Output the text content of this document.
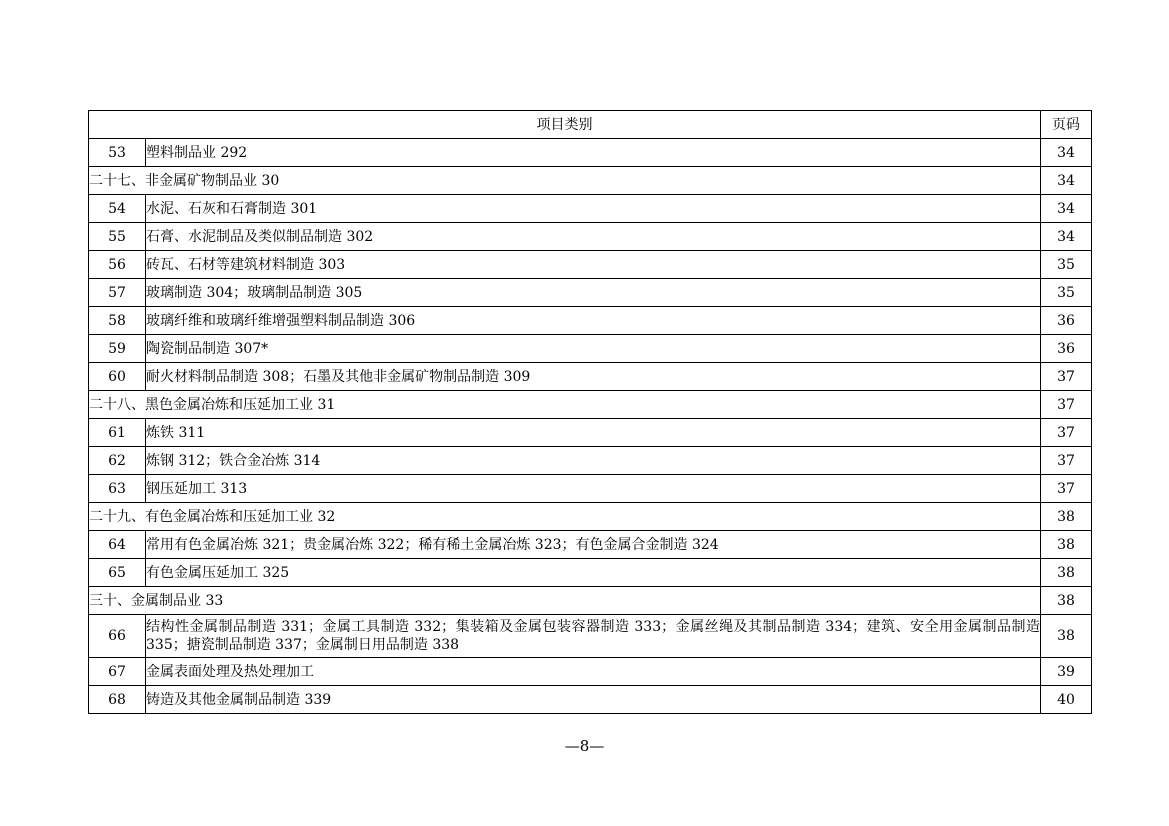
项目类别		页码
53	塑料制品业 292	34
二十七、非金属矿物制品业 30		34
54	水泥、石灰和石膏制造 301	34
55	石膏、水泥制品及类似制品制造 302	34
56	砖瓦、石材等建筑材料制造 303	35
57	玻璃制造 304；玻璃制品制造 305	35
58	玻璃纤维和玻璃纤维增强塑料制品制造 306	36
59	陶瓷制品制造 307*	36
60	耐火材料制品制造 308；石墨及其他非金属矿物制品制造 309	37
二十八、黑色金属冶炼和压延加工业 31		37
61	炼铁 311	37
62	炼钢 312；铁合金冶炼 314	37
63	钢压延加工 313	37
二十九、有色金属冶炼和压延加工业 32		38
64	常用有色金属冶炼 321；贵金属冶炼 322；稀有稀土金属冶炼 323；有色金属合金制造 324	38
65	有色金属压延加工 325	38
三十、金属制品业 33		38
66	结构性金属制品制造 331；金属工具制造 332；集装箱及金属包装容器制造 333；金属丝绳及其制品制造 334；建筑、安全用金属制品制造 335；搪瓷制品制造 337；金属制日用品制造 338	38
67	金属表面处理及热处理加工	39
68	铸造及其他金属制品制造 339	40
—8—
